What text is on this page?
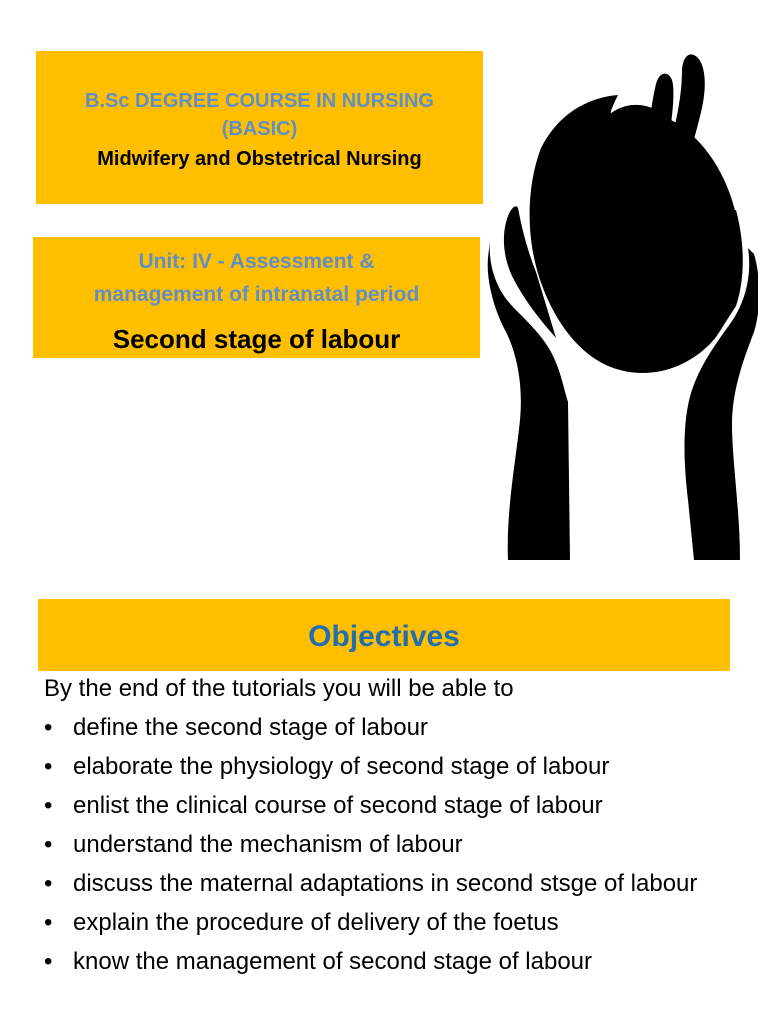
B.Sc DEGREE COURSE IN NURSING
(BASIC)
Midwifery and Obstetrical Nursing
Unit: IV - Assessment &
management of intranatal period
Second stage of labour
Objectives
By the end of the tutorials you will be able to
• define the second stage of labour
• elaborate the physiology of second stage of labour
• enlist the clinical course of second stage of labour
• understand the mechanism of labour
• discuss the maternal adaptations in second stsge of labour
• explain the procedure of delivery of the foetus
• know the management of second stage of labour
